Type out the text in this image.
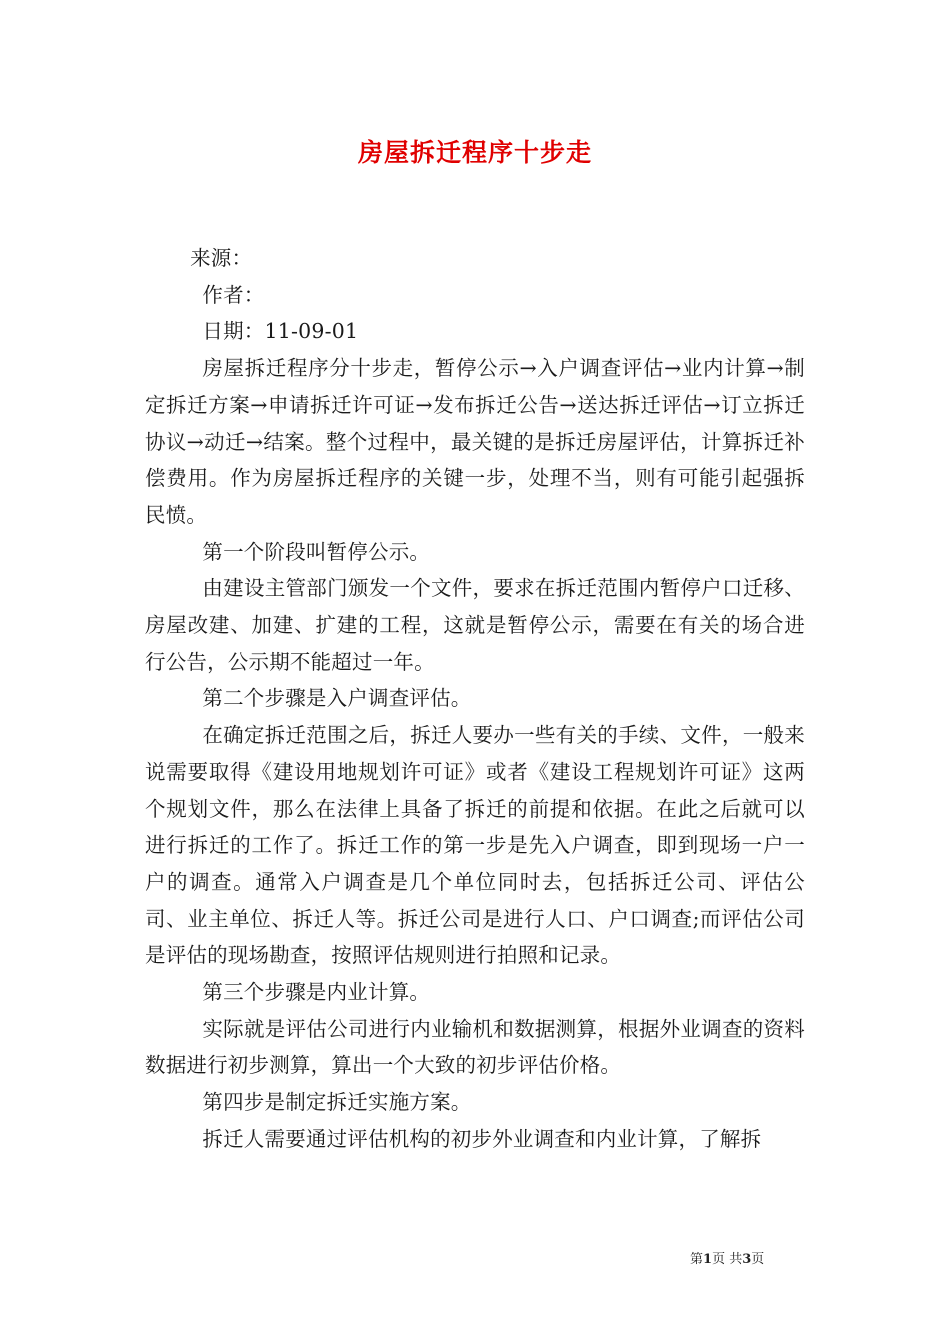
房屋拆迁程序十步走

来源：

作者：

日期：11-09-01

房屋拆迁程序分十步走，暂停公示→入户调查评估→业内计算→制定拆迁方案→申请拆迁许可证→发布拆迁公告→送达拆迁评估→订立拆迁协议→动迁→结案。整个过程中，最关键的是拆迁房屋评估，计算拆迁补偿费用。作为房屋拆迁程序的关键一步，处理不当，则有可能引起强拆民愤。

第一个阶段叫暂停公示。

由建设主管部门颁发一个文件，要求在拆迁范围内暂停户口迁移、房屋改建、加建、扩建的工程，这就是暂停公示，需要在有关的场合进行公告，公示期不能超过一年。

第二个步骤是入户调查评估。

在确定拆迁范围之后，拆迁人要办一些有关的手续、文件，一般来说需要取得《建设用地规划许可证》或者《建设工程规划许可证》这两个规划文件，那么在法律上具备了拆迁的前提和依据。在此之后就可以进行拆迁的工作了。拆迁工作的第一步是先入户调查，即到现场一户一户的调查。通常入户调查是几个单位同时去，包括拆迁公司、评估公司、业主单位、拆迁人等。拆迁公司是进行人口、户口调查;而评估公司是评估的现场勘查，按照评估规则进行拍照和记录。

第三个步骤是内业计算。

实际就是评估公司进行内业输机和数据测算，根据外业调查的资料数据进行初步测算，算出一个大致的初步评估价格。

第四步是制定拆迁实施方案。

拆迁人需要通过评估机构的初步外业调查和内业计算，了解拆

第1页 共3页
